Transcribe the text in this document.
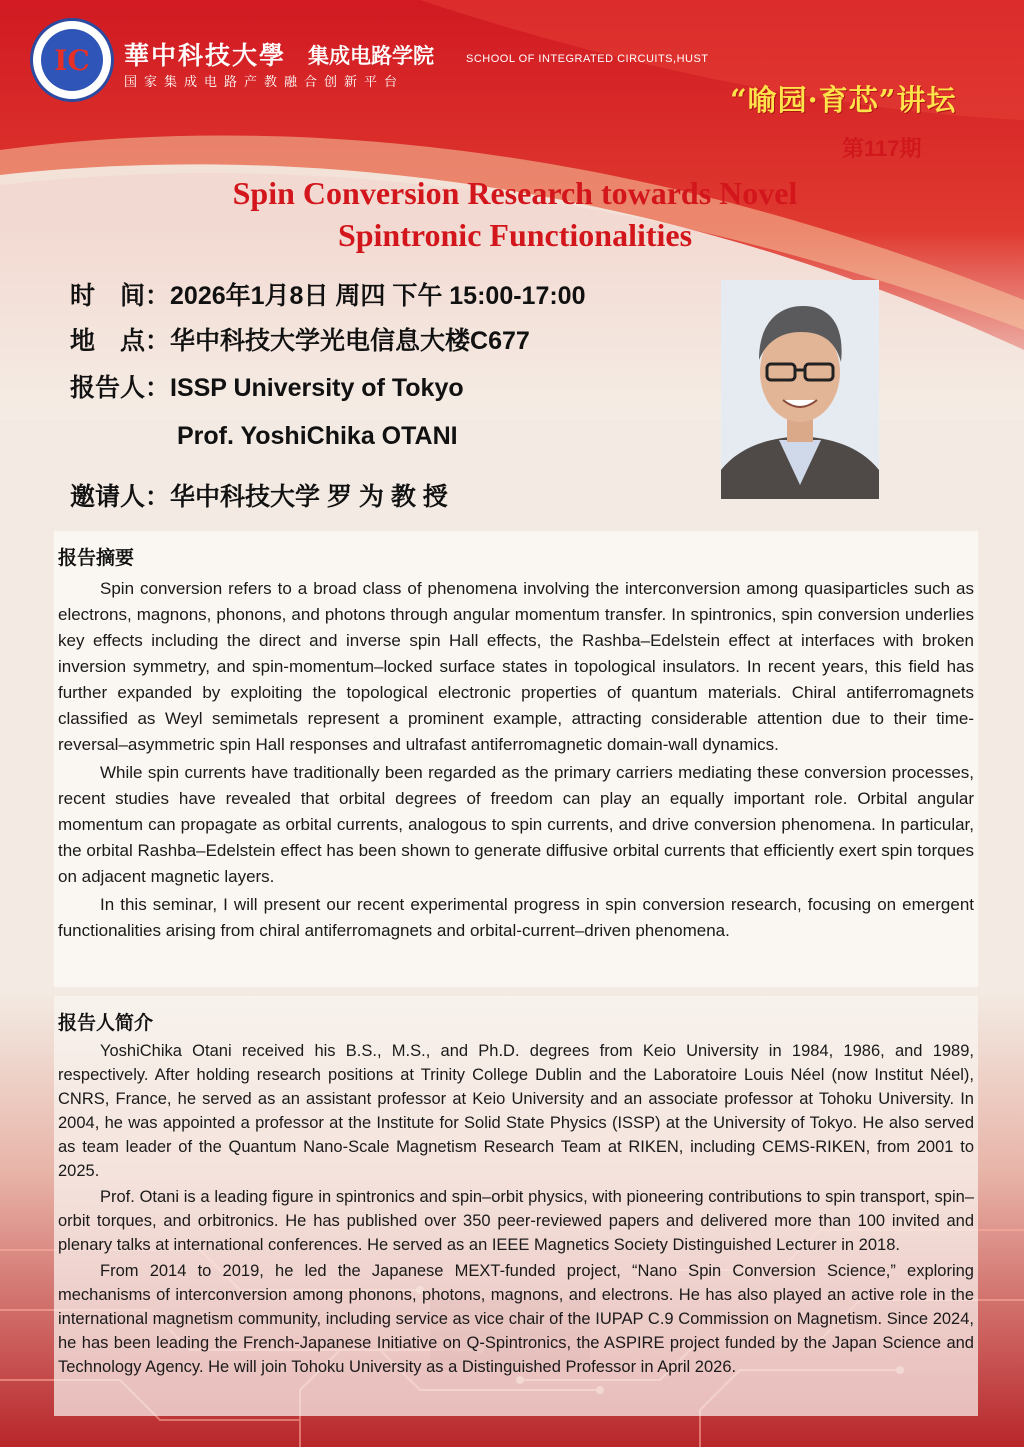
IC 華中科技大學 集成电路学院	SCHOOL OF INTEGRATED CIRCUITS,HUST
国家集成电路产教融合创新平台
“喻园·育芯”讲坛
第117期
Spin Conversion Research towards Novel
Spintronic Functionalities
时　间：2026年1月8日 周四 下午 15:00-17:00
地　点：华中科技大学光电信息大楼C677
报告人：ISSP University of Tokyo
Prof. YoshiChika OTANI
邀请人：华中科技大学 罗 为 教 授
报告摘要

Spin conversion refers to a broad class of phenomena involving the interconversion among quasiparticles such as electrons, magnons, phonons, and photons through angular momentum transfer. In spintronics, spin conversion underlies key effects including the direct and inverse spin Hall effects, the Rashba–Edelstein effect at interfaces with broken inversion symmetry, and spin-momentum–locked surface states in topological insulators. In recent years, this field has further expanded by exploiting the topological electronic properties of quantum materials. Chiral antiferromagnets classified as Weyl semimetals represent a prominent example, attracting considerable attention due to their time-reversal–asymmetric spin Hall responses and ultrafast antiferromagnetic domain-wall dynamics.

While spin currents have traditionally been regarded as the primary carriers mediating these conversion processes, recent studies have revealed that orbital degrees of freedom can play an equally important role. Orbital angular momentum can propagate as orbital currents, analogous to spin currents, and drive conversion phenomena. In particular, the orbital Rashba–Edelstein effect has been shown to generate diffusive orbital currents that efficiently exert spin torques on adjacent magnetic layers.

In this seminar, I will present our recent experimental progress in spin conversion research, focusing on emergent functionalities arising from chiral antiferromagnets and orbital-current–driven phenomena.

报告人简介

YoshiChika Otani received his B.S., M.S., and Ph.D. degrees from Keio University in 1984, 1986, and 1989, respectively. After holding research positions at Trinity College Dublin and the Laboratoire Louis Néel (now Institut Néel), CNRS, France, he served as an assistant professor at Keio University and an associate professor at Tohoku University. In 2004, he was appointed a professor at the Institute for Solid State Physics (ISSP) at the University of Tokyo. He also served as team leader of the Quantum Nano-Scale Magnetism Research Team at RIKEN, including CEMS-RIKEN, from 2001 to 2025.

Prof. Otani is a leading figure in spintronics and spin–orbit physics, with pioneering contributions to spin transport, spin–orbit torques, and orbitronics. He has published over 350 peer-reviewed papers and delivered more than 100 invited and plenary talks at international conferences. He served as an IEEE Magnetics Society Distinguished Lecturer in 2018.

From 2014 to 2019, he led the Japanese MEXT-funded project, “Nano Spin Conversion Science,” exploring mechanisms of interconversion among phonons, photons, magnons, and electrons. He has also played an active role in the international magnetism community, including service as vice chair of the IUPAP C.9 Commission on Magnetism. Since 2024, he has been leading the French-Japanese Initiative on Q-Spintronics, the ASPIRE project funded by the Japan Science and Technology Agency. He will join Tohoku University as a Distinguished Professor in April 2026.
